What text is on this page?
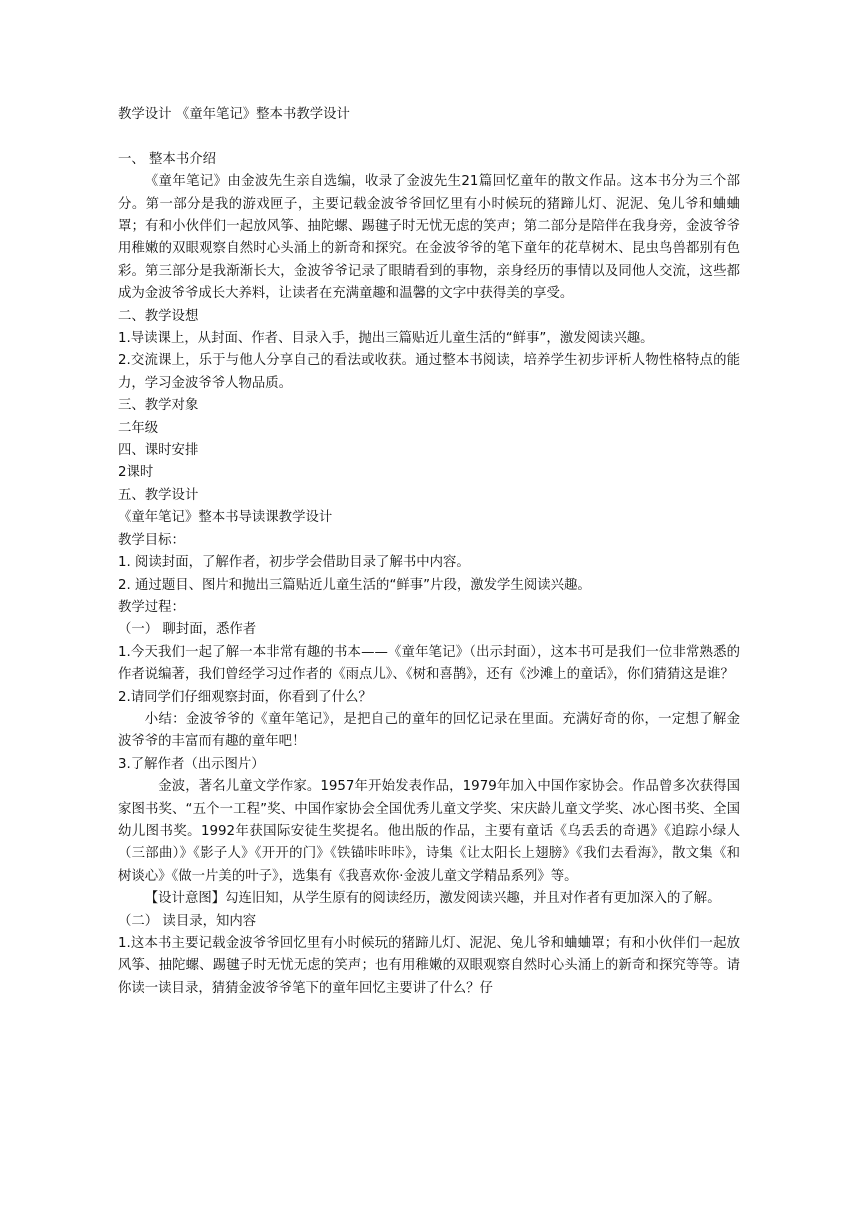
教学设计 《童年笔记》整本书教学设计

一、 整本书介绍

《童年笔记》由金波先生亲自选编，收录了金波先生21篇回忆童年的散文作品。这本书分为三个部分。第一部分是我的游戏匣子，主要记载金波爷爷回忆里有小时候玩的猪蹄儿灯、泥泥、兔儿爷和蛐蛐罩；有和小伙伴们一起放风筝、抽陀螺、踢毽子时无忧无虑的笑声；第二部分是陪伴在我身旁，金波爷爷用稚嫩的双眼观察自然时心头涌上的新奇和探究。在金波爷爷的笔下童年的花草树木、昆虫鸟兽都别有色彩。第三部分是我渐渐长大，金波爷爷记录了眼睛看到的事物，亲身经历的事情以及同他人交流，这些都成为金波爷爷成长大养料，让读者在充满童趣和温馨的文字中获得美的享受。

二、教学设想

1.导读课上，从封面、作者、目录入手，抛出三篇贴近儿童生活的“鲜事”，激发阅读兴趣。

2.交流课上，乐于与他人分享自己的看法或收获。通过整本书阅读，培养学生初步评析人物性格特点的能力，学习金波爷爷人物品质。

三、教学对象

二年级

四、课时安排

2课时

五、教学设计

《童年笔记》整本书导读课教学设计

教学目标：

1. 阅读封面，了解作者，初步学会借助目录了解书中内容。

2. 通过题目、图片和抛出三篇贴近儿童生活的“鲜事”片段，激发学生阅读兴趣。

教学过程：

（一） 聊封面，悉作者

1.今天我们一起了解一本非常有趣的书本——《童年笔记》（出示封面），这本书可是我们一位非常熟悉的作者说编著，我们曾经学习过作者的《雨点儿》、《树和喜鹊》，还有《沙滩上的童话》，你们猜猜这是谁？

2.请同学们仔细观察封面，你看到了什么？

小结：金波爷爷的《童年笔记》，是把自己的童年的回忆记录在里面。充满好奇的你，一定想了解金波爷爷的丰富而有趣的童年吧！

3.了解作者（出示图片）

金波，著名儿童文学作家。1957年开始发表作品，1979年加入中国作家协会。作品曾多次获得国家图书奖、“五个一工程”奖、中国作家协会全国优秀儿童文学奖、宋庆龄儿童文学奖、冰心图书奖、全国幼儿图书奖。1992年获国际安徒生奖提名。他出版的作品，主要有童话《乌丢丢的奇遇》《追踪小绿人（三部曲）》《影子人》《开开的门》《铁锚咔咔咔》，诗集《让太阳长上翅膀》《我们去看海》，散文集《和树谈心》《做一片美的叶子》，选集有《我喜欢你·金波儿童文学精品系列》等。

【设计意图】勾连旧知，从学生原有的阅读经历，激发阅读兴趣，并且对作者有更加深入的了解。

（二） 读目录，知内容

1.这本书主要记载金波爷爷回忆里有小时候玩的猪蹄儿灯、泥泥、兔儿爷和蛐蛐罩；有和小伙伴们一起放风筝、抽陀螺、踢毽子时无忧无虑的笑声；也有用稚嫩的双眼观察自然时心头涌上的新奇和探究等等。请你读一读目录，猜猜金波爷爷笔下的童年回忆主要讲了什么？仔
